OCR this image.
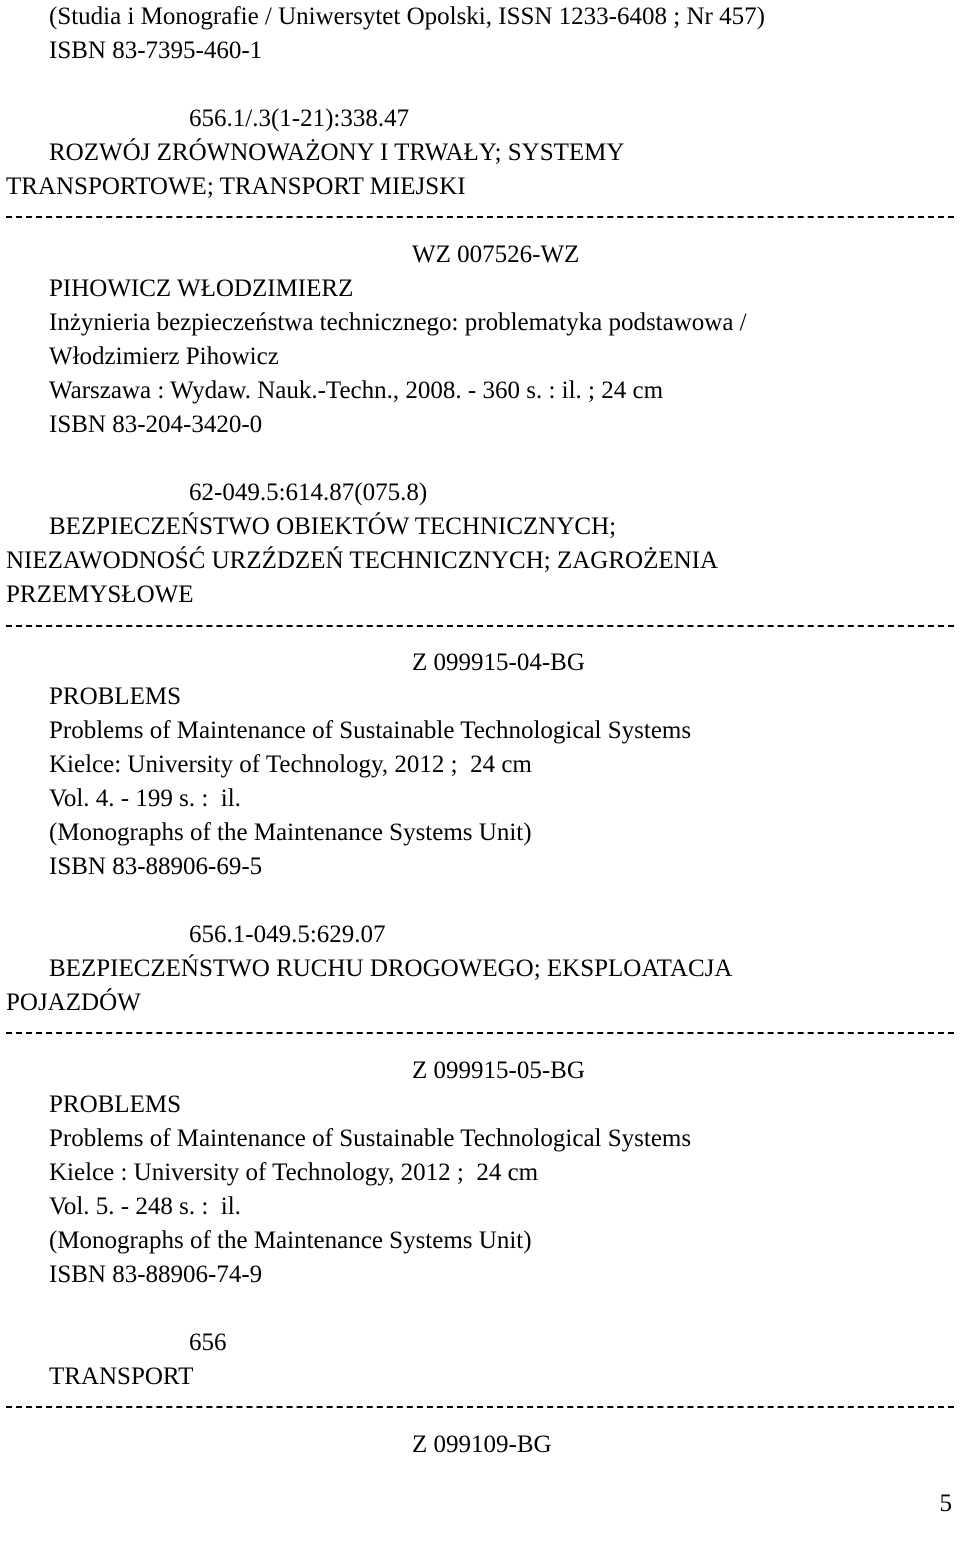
(Studia i Monografie / Uniwersytet Opolski, ISSN 1233-6408 ; Nr 457)
ISBN 83-7395-460-1
656.1/.3(1-21):338.47
ROZWÓJ ZRÓWNOWAŻONY I TRWAŁY; SYSTEMY
TRANSPORTOWE; TRANSPORT MIEJSKI
WZ 007526-WZ
PIHOWICZ WŁODZIMIERZ
Inżynieria bezpieczeństwa technicznego: problematyka podstawowa /
Włodzimierz Pihowicz
Warszawa : Wydaw. Nauk.-Techn., 2008. - 360 s. : il. ; 24 cm
ISBN 83-204-3420-0
62-049.5:614.87(075.8)
BEZPIECZEŃSTWO OBIEKTÓW TECHNICZNYCH;
NIEZAWODNOŚĆ URZŹDZEŃ TECHNICZNYCH; ZAGROŻENIA
PRZEMYSŁOWE
Z 099915-04-BG
PROBLEMS
Problems of Maintenance of Sustainable Technological Systems
Kielce: University of Technology, 2012 ;  24 cm
Vol. 4. - 199 s. :  il.
(Monographs of the Maintenance Systems Unit)
ISBN 83-88906-69-5
656.1-049.5:629.07
BEZPIECZEŃSTWO RUCHU DROGOWEGO; EKSPLOATACJA
POJAZDÓW
Z 099915-05-BG
PROBLEMS
Problems of Maintenance of Sustainable Technological Systems
Kielce : University of Technology, 2012 ;  24 cm
Vol. 5. - 248 s. :  il.
(Monographs of the Maintenance Systems Unit)
ISBN 83-88906-74-9
656
TRANSPORT
Z 099109-BG
5
